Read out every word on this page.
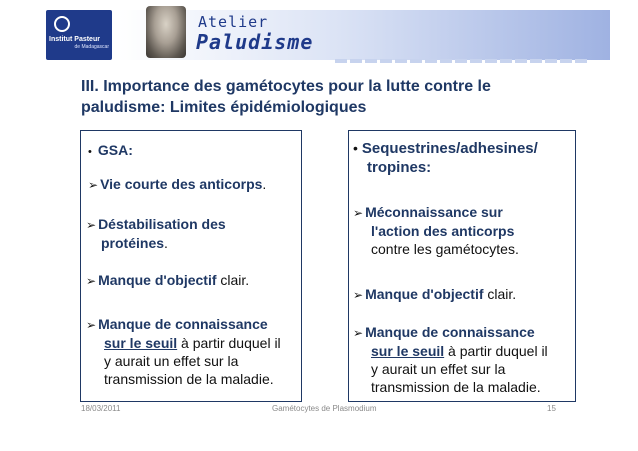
Institut Pasteur
de Madagascar
Atelier
Paludisme
III. Importance des gamétocytes pour la lutte contre le
paludisme: Limites épidémiologiques
• GSA:
➢ Vie courte des anticorps.
➢ Déstabilisation des
protéines.
➢ Manque d'objectif clair.
➢ Manque de connaissance
sur le seuil à partir duquel il
y aurait un effet sur la
transmission de la maladie.
• Sequestrines/adhesines/
tropines:
➢ Méconnaissance sur
l'action des anticorps
contre les gamétocytes.
➢ Manque d'objectif clair.
➢ Manque de connaissance
sur le seuil à partir duquel il
y aurait un effet sur la
transmission de la maladie.
18/03/2011	Gamétocytes de Plasmodium	15
